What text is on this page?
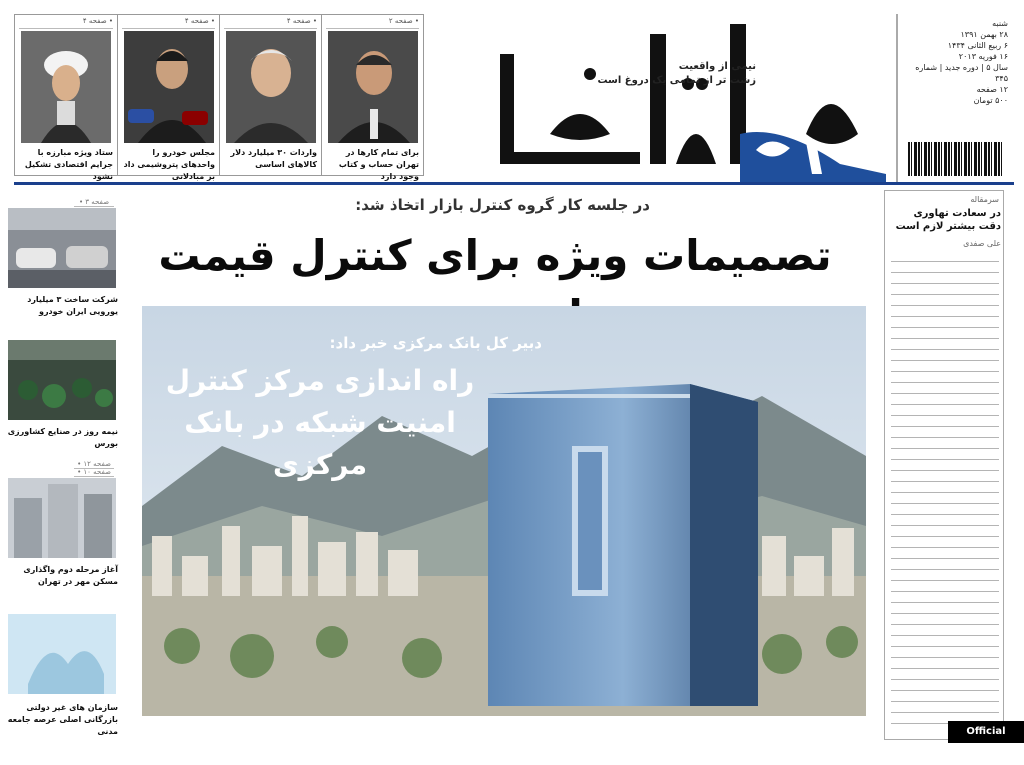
• صفحه ۴
ستاد ویژه مبارزه با جرایم اقتصادی تشکیل نشود
• صفحه ۴
مجلس خودرو را واحدهای پتروشیمی داد بر مبادلاتی
• صفحه ۴
واردات ۳۰ میلیارد دلار کالاهای اساسی
• صفحه ۲
برای تمام کارها در تهران حساب و کتاب وجود دارد
نیمی از واقعیت
زشت تر از تمامی یک دروغ است

شنبه

۲۸ بهمن ۱۳۹۱

۶ ربیع الثانی ۱۴۳۴

۱۶ فوریه ۲۰۱۳

سال ۵ | دوره جدید | شماره ۳۴۵

۱۲ صفحه

۵۰۰ تومان

• صفحه ۳
شرکت ساخت ۳ میلیارد یورویی ایران خودرو
نیمه روز در صنایع کشاورزی بورس
• صفحه ۱۲
آغاز مرحله دوم واگذاری مسکن مهر در تهران
• صفحه ۱۰
سازمان های غیر دولتی بازرگانی اصلی عرصه جامعه مدنی
در جلسه کار گروه کنترل بازار اتخاذ شد:
تصمیمات ویژه برای کنترل قیمت
دبیر کل بانک مرکزی خبر داد:
راه اندازی مرکز کنترل امنیت شبکه در بانک مرکزی
سرمقاله
در سعادت تهاوری دقت بیشتر لازم است
علی صفدی
Official website
